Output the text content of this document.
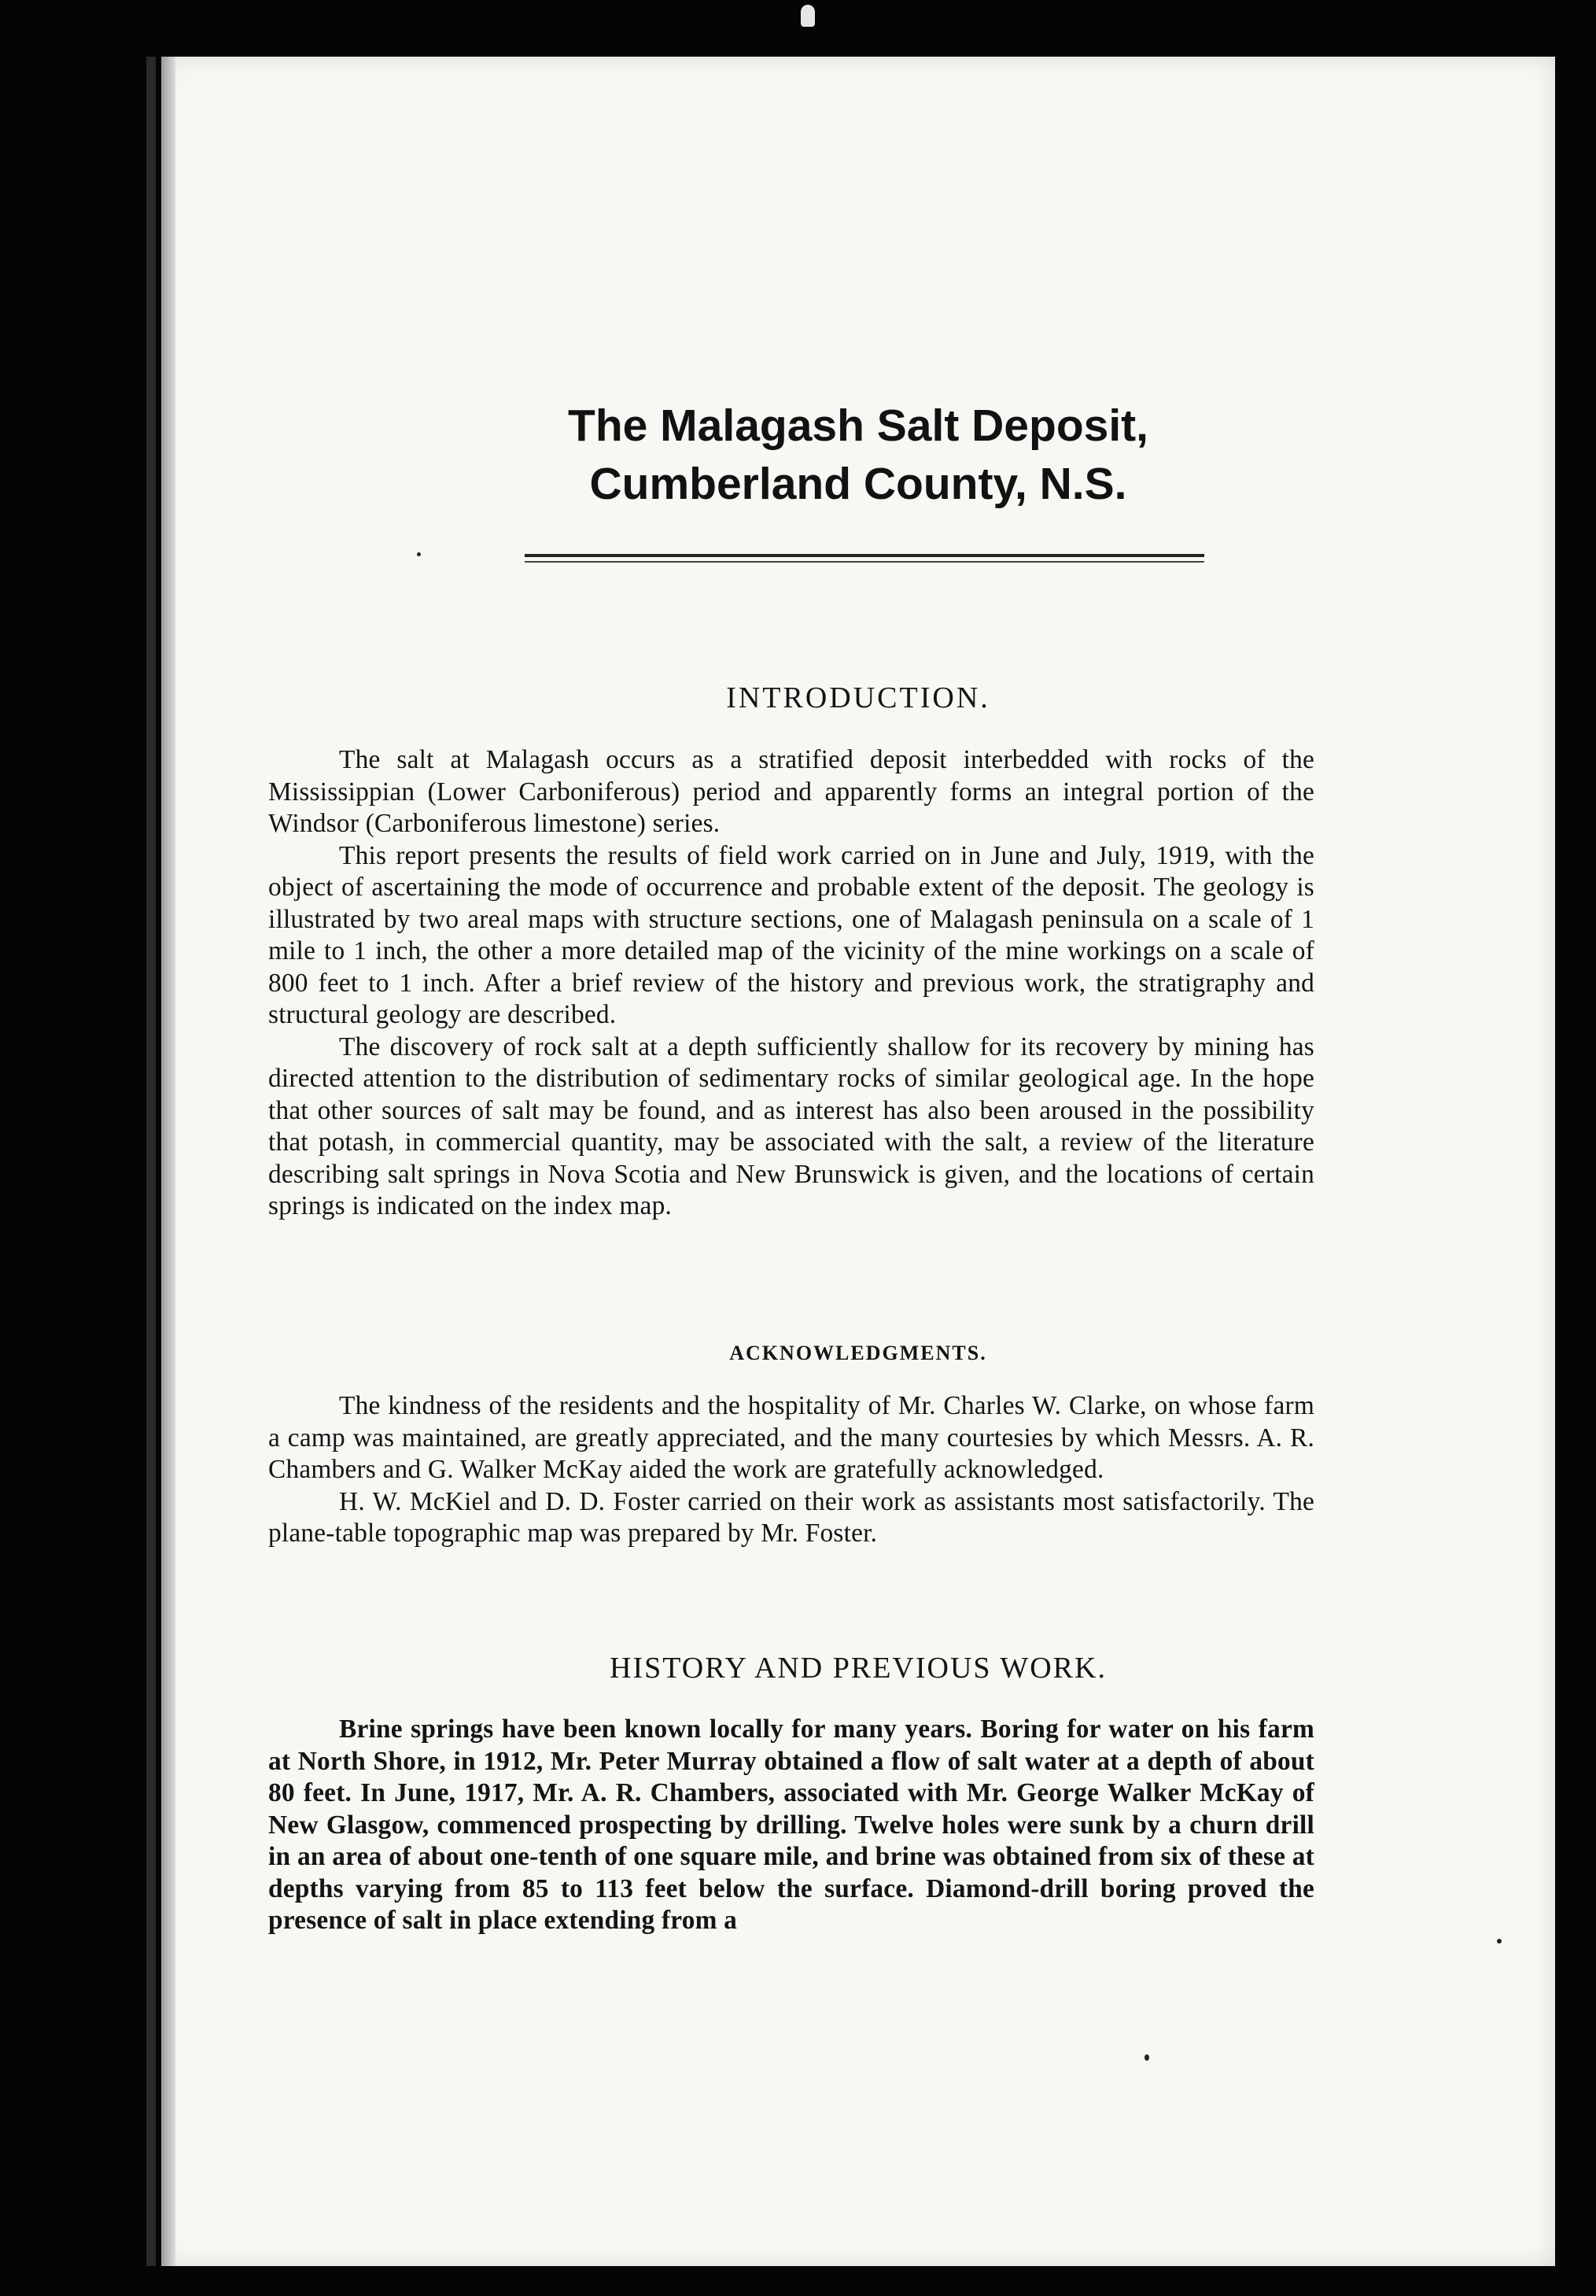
The Malagash Salt Deposit,
Cumberland County, N.S.
INTRODUCTION.

The salt at Malagash occurs as a stratified deposit interbedded with rocks of the Mississippian (Lower Carboniferous) period and apparently forms an integral portion of the Windsor (Carboniferous limestone) series.

This report presents the results of field work carried on in June and July, 1919, with the object of ascertaining the mode of occurrence and probable extent of the deposit. The geology is illustrated by two areal maps with structure sections, one of Malagash peninsula on a scale of 1 mile to 1 inch, the other a more detailed map of the vicinity of the mine workings on a scale of 800 feet to 1 inch. After a brief review of the history and previous work, the stratigraphy and structural geology are described.

The discovery of rock salt at a depth sufficiently shallow for its recovery by mining has directed attention to the distribution of sedimentary rocks of similar geological age. In the hope that other sources of salt may be found, and as interest has also been aroused in the possibility that potash, in commercial quantity, may be associated with the salt, a review of the literature describing salt springs in Nova Scotia and New Brunswick is given, and the locations of certain springs is indicated on the index map.

ACKNOWLEDGMENTS.

The kindness of the residents and the hospitality of Mr. Charles W. Clarke, on whose farm a camp was maintained, are greatly appreciated, and the many courtesies by which Messrs. A. R. Chambers and G. Walker McKay aided the work are gratefully acknowledged.

H. W. McKiel and D. D. Foster carried on their work as assistants most satisfactorily. The plane-table topographic map was prepared by Mr. Foster.

HISTORY AND PREVIOUS WORK.

Brine springs have been known locally for many years. Boring for water on his farm at North Shore, in 1912, Mr. Peter Murray obtained a flow of salt water at a depth of about 80 feet. In June, 1917, Mr. A. R. Chambers, associated with Mr. George Walker McKay of New Glasgow, commenced prospecting by drilling. Twelve holes were sunk by a churn drill in an area of about one-tenth of one square mile, and brine was obtained from six of these at depths varying from 85 to 113 feet below the surface. Diamond-drill boring proved the presence of salt in place extending from a
